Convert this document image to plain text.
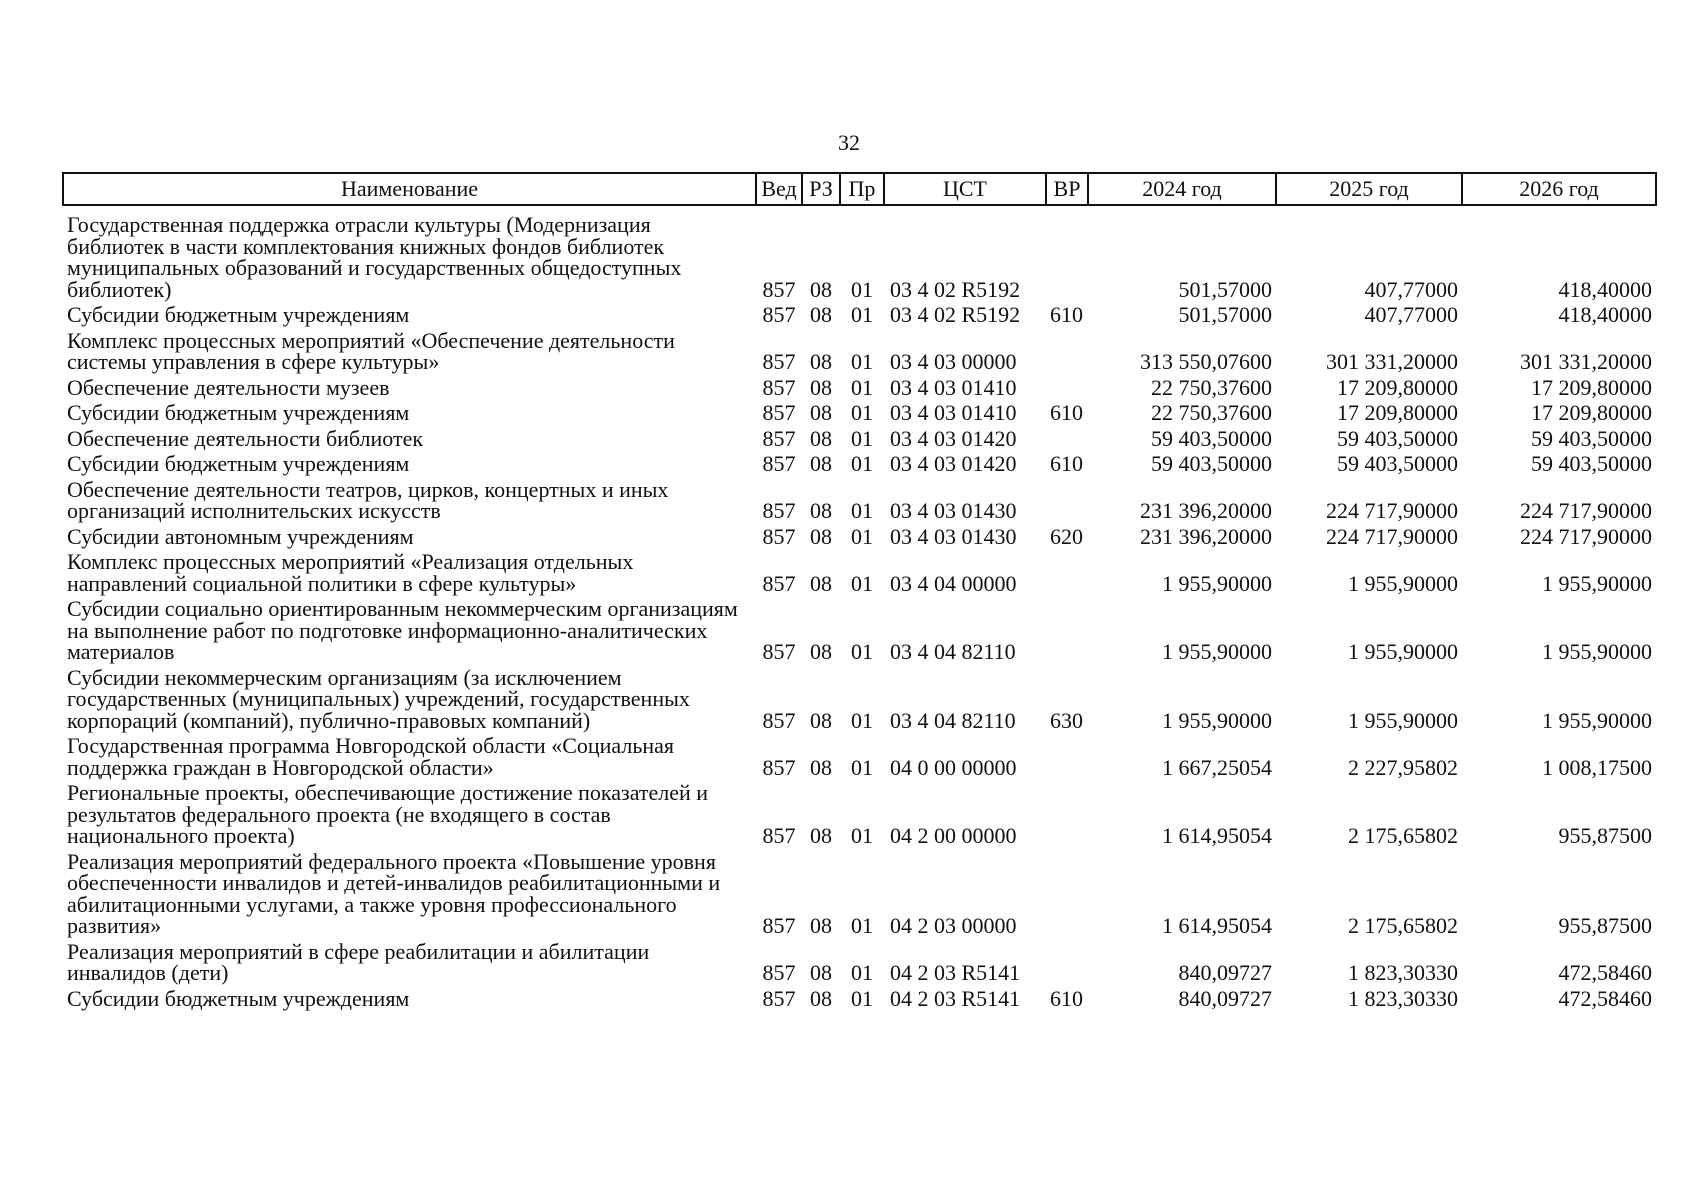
32
Наименование	Вед	РЗ	Пр	ЦСТ	ВР	2024 год	2025 год	2026 год
Государственная поддержка отрасли культуры (Модернизация библиотек в части комплектования книжных фондов библиотек муниципальных образований и государственных общедоступных библиотек)	857	08	01	03 4 02 R5192		501,57000	407,77000	418,40000
Субсидии бюджетным учреждениям	857	08	01	03 4 02 R5192	610	501,57000	407,77000	418,40000
Комплекс процессных мероприятий «Обеспечение деятельности системы управления в сфере культуры»	857	08	01	03 4 03 00000		313 550,07600	301 331,20000	301 331,20000
Обеспечение деятельности музеев	857	08	01	03 4 03 01410		22 750,37600	17 209,80000	17 209,80000
Субсидии бюджетным учреждениям	857	08	01	03 4 03 01410	610	22 750,37600	17 209,80000	17 209,80000
Обеспечение деятельности библиотек	857	08	01	03 4 03 01420		59 403,50000	59 403,50000	59 403,50000
Субсидии бюджетным учреждениям	857	08	01	03 4 03 01420	610	59 403,50000	59 403,50000	59 403,50000
Обеспечение деятельности театров, цирков, концертных и иных организаций исполнительских искусств	857	08	01	03 4 03 01430		231 396,20000	224 717,90000	224 717,90000
Субсидии автономным учреждениям	857	08	01	03 4 03 01430	620	231 396,20000	224 717,90000	224 717,90000
Комплекс процессных мероприятий «Реализация отдельных направлений социальной политики в сфере культуры»	857	08	01	03 4 04 00000		1 955,90000	1 955,90000	1 955,90000
Субсидии социально ориентированным некоммерческим организациям на выполнение работ по подготовке информационно-аналитических материалов	857	08	01	03 4 04 82110		1 955,90000	1 955,90000	1 955,90000
Субсидии некоммерческим организациям (за исключением государственных (муниципальных) учреждений, государственных корпораций (компаний), публично-правовых компаний)	857	08	01	03 4 04 82110	630	1 955,90000	1 955,90000	1 955,90000
Государственная программа Новгородской области «Социальная поддержка граждан в Новгородской области»	857	08	01	04 0 00 00000		1 667,25054	2 227,95802	1 008,17500
Региональные проекты, обеспечивающие достижение показателей и результатов федерального проекта (не входящего в состав национального проекта)	857	08	01	04 2 00 00000		1 614,95054	2 175,65802	955,87500
Реализация мероприятий федерального проекта «Повышение уровня обеспеченности инвалидов и детей-инвалидов реабилитационными и абилитационными услугами, а также уровня профессионального развития»	857	08	01	04 2 03 00000		1 614,95054	2 175,65802	955,87500
Реализация мероприятий в сфере реабилитации и абилитации инвалидов (дети)	857	08	01	04 2 03 R5141		840,09727	1 823,30330	472,58460
Субсидии бюджетным учреждениям	857	08	01	04 2 03 R5141	610	840,09727	1 823,30330	472,58460
